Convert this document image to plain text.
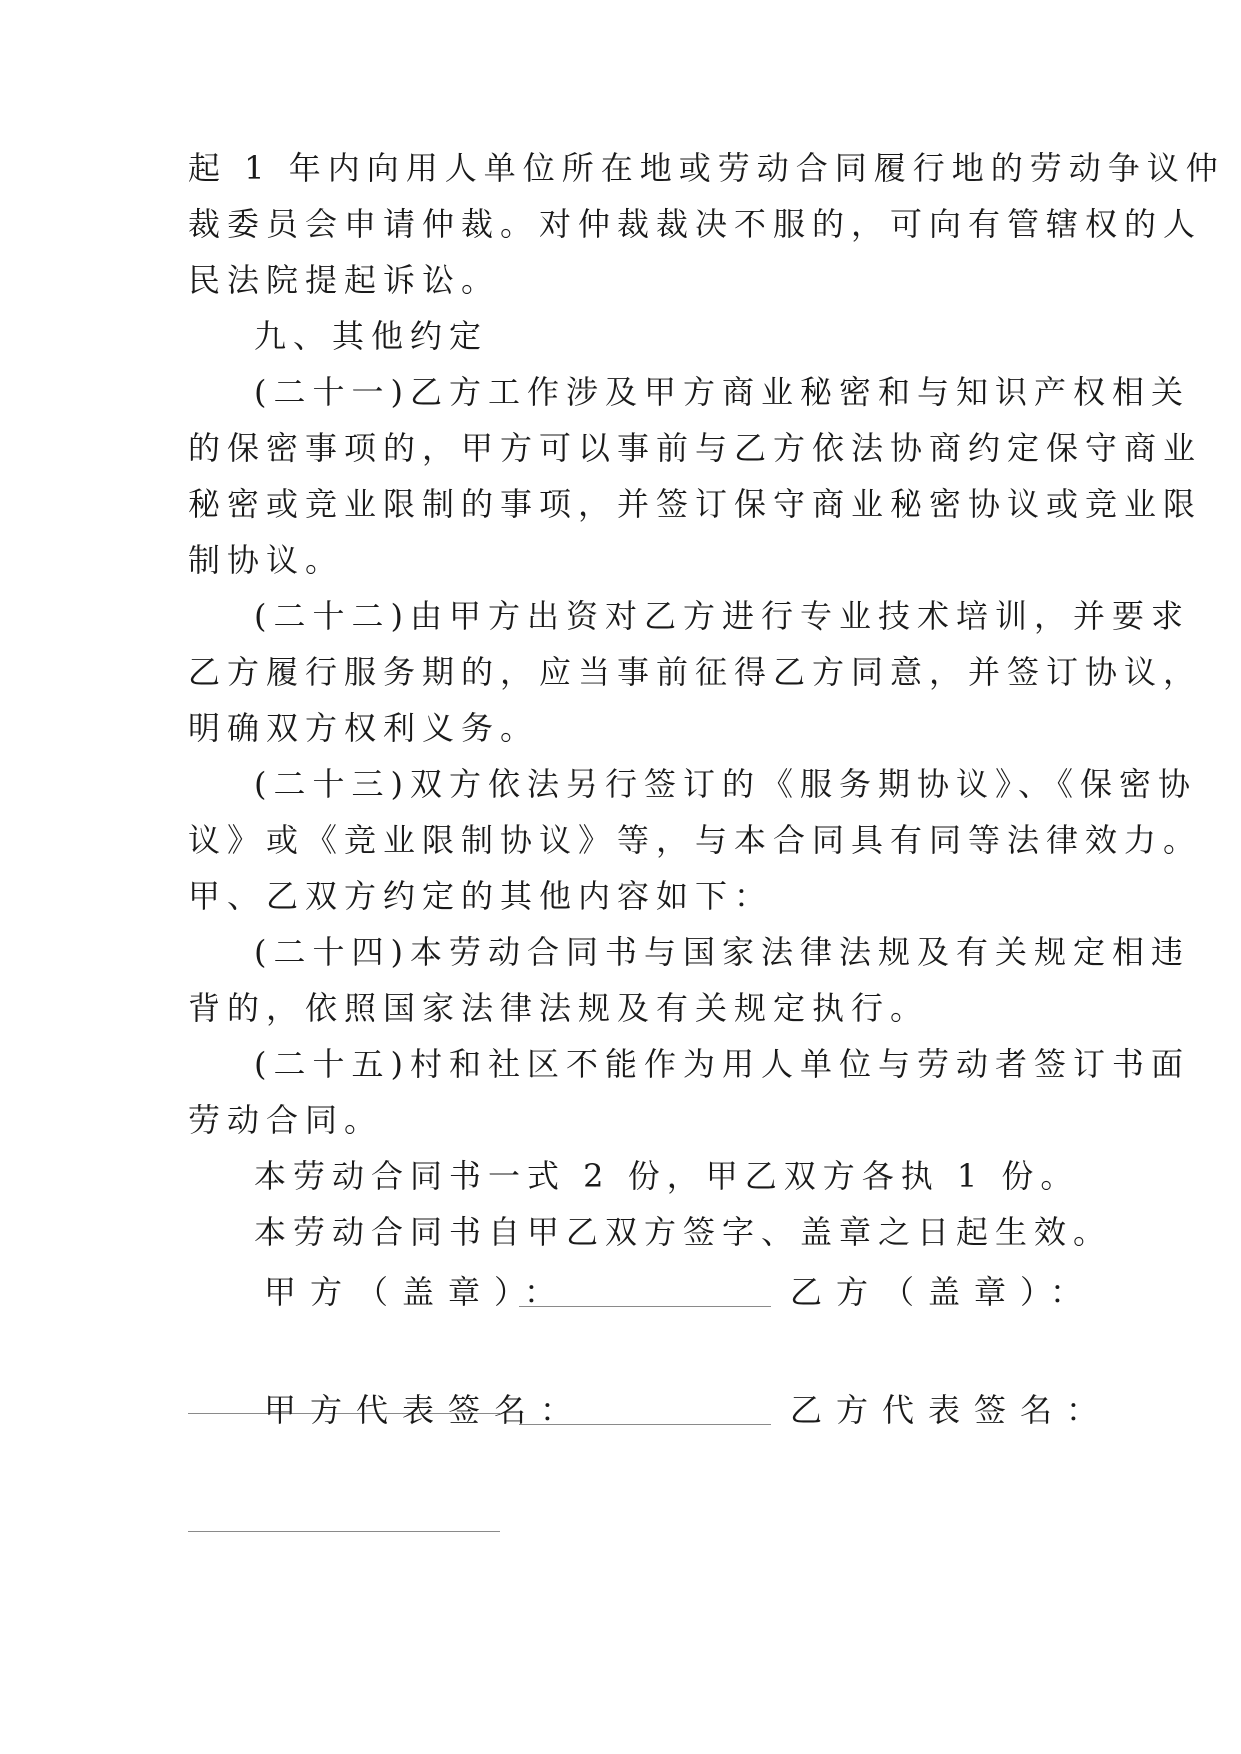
起 1 年内向用人单位所在地或劳动合同履行地的劳动争议仲

裁委员会申请仲裁。对仲裁裁决不服的，可向有管辖权的人

民法院提起诉讼。

九、其他约定

(二十一)乙方工作涉及甲方商业秘密和与知识产权相关

的保密事项的，甲方可以事前与乙方依法协商约定保守商业

秘密或竞业限制的事项，并签订保守商业秘密协议或竞业限

制协议。

(二十二)由甲方出资对乙方进行专业技术培训，并要求

乙方履行服务期的，应当事前征得乙方同意，并签订协议，

明确双方权利义务。

(二十三)双方依法另行签订的《服务期协议》、《保密协

议》或《竞业限制协议》等，与本合同具有同等法律效力。

甲、乙双方约定的其他内容如下：

(二十四)本劳动合同书与国家法律法规及有关规定相违

背的，依照国家法律法规及有关规定执行。

(二十五)村和社区不能作为用人单位与劳动者签订书面

劳动合同。

本劳动合同书一式 2 份，甲乙双方各执 1 份。

本劳动合同书自甲乙双方签字、盖章之日起生效。

甲方（盖章）：	乙方（盖章）：
甲方代表签名：	乙方代表签名：
